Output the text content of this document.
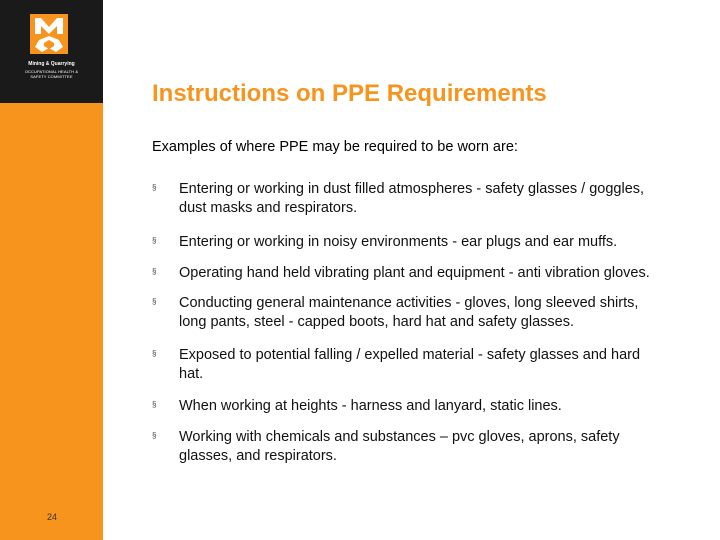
Mining & Quarrying
OCCUPATIONAL HEALTH &
SAFETY COMMITTEE
24
Instructions on PPE Requirements
Examples of where PPE may be required to be worn are:
§	Entering or working in dust filled atmospheres - safety glasses / goggles,
dust masks and respirators.
§	Entering or working in noisy environments - ear plugs and ear muffs.
§	Operating hand held vibrating plant and equipment - anti vibration gloves.
§	Conducting general maintenance activities - gloves, long sleeved shirts,
long pants, steel - capped boots, hard hat and safety glasses.
§	Exposed to potential falling / expelled material - safety glasses and hard
hat.
§	When working at heights - harness and lanyard, static lines.
§	Working with chemicals and substances – pvc gloves, aprons, safety
glasses, and respirators.
